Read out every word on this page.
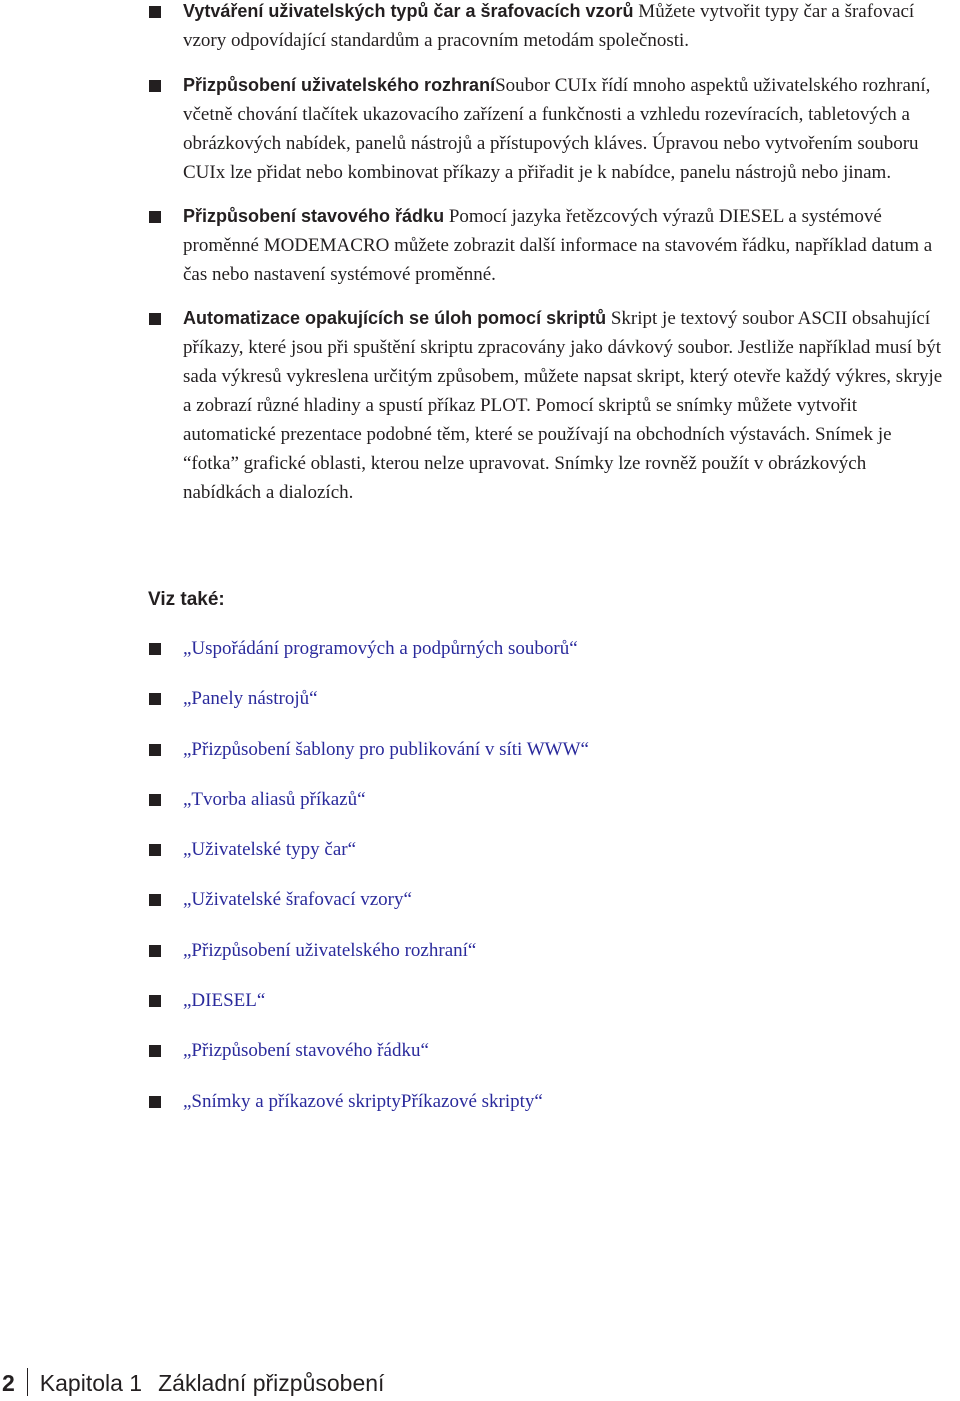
Vytváření uživatelských typů čar a šrafovacích vzorů Můžete vytvořit typy čar a šrafovací vzory odpovídající standardům a pracovním metodám společnosti.
Přizpůsobení uživatelského rozhraníSoubor CUIx řídí mnoho aspektů uživatelského rozhraní, včetně chování tlačítek ukazovacího zařízení a funkčnosti a vzhledu rozevíracích, tabletových a obrázkových nabídek, panelů nástrojů a přístupových kláves. Úpravou nebo vytvořením souboru CUIx lze přidat nebo kombinovat příkazy a přiřadit je k nabídce, panelu nástrojů nebo jinam.
Přizpůsobení stavového řádku Pomocí jazyka řetězcových výrazů DIESEL a systémové proměnné MODEMACRO můžete zobrazit další informace na stavovém řádku, například datum a čas nebo nastavení systémové proměnné.
Automatizace opakujících se úloh pomocí skriptů Skript je textový soubor ASCII obsahující příkazy, které jsou při spuštění skriptu zpracovány jako dávkový soubor. Jestliže například musí být sada výkresů vykreslena určitým způsobem, můžete napsat skript, který otevře každý výkres, skryje a zobrazí různé hladiny a spustí příkaz PLOT. Pomocí skriptů se snímky můžete vytvořit automatické prezentace podobné těm, které se používají na obchodních výstavách. Snímek je “fotka” grafické oblasti, kterou nelze upravovat. Snímky lze rovněž použít v obrázkových nabídkách a dialozích.
Viz také:
„Uspořádání programových a podpůrných souborů“
„Panely nástrojů“
„Přizpůsobení šablony pro publikování v síti WWW“
„Tvorba aliasů příkazů“
„Uživatelské typy čar“
„Uživatelské šrafovací vzory“
„Přizpůsobení uživatelského rozhraní“
„DIESEL“
„Přizpůsobení stavového řádku“
„Snímky a příkazové skriptyPříkazové skripty“
2 Kapitola 1 Základní přizpůsobení
